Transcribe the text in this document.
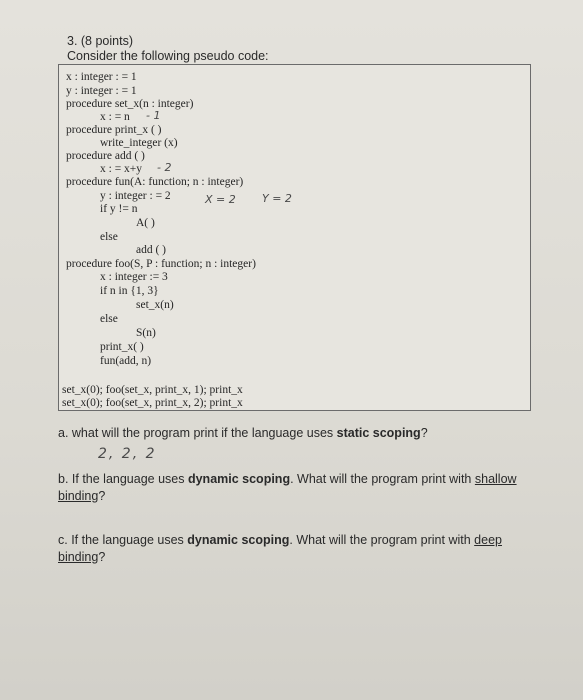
3. (8 points)
Consider the following pseudo code:
x : integer : = 1
y : integer : = 1
procedure set_x(n : integer)
x : = n
procedure print_x ( )
write_integer (x)
procedure add ( )
x : = x+y
procedure fun(A: function; n : integer)
y : integer : = 2
if y != n
A( )
else
add ( )
procedure foo(S, P : function; n : integer)
x : integer := 3
if n in {1, 3}
set_x(n)
else
S(n)
print_x( )
fun(add, n)
set_x(0); foo(set_x, print_x, 1); print_x
set_x(0); foo(set_x, print_x, 2); print_x
- 1
- 2
X = 2 Y = 2
a. what will the program print if the language uses static scoping?
2, 2, 2
b. If the language uses dynamic scoping. What will the program print with shallow
binding?
c. If the language uses dynamic scoping. What will the program print with deep
binding?
